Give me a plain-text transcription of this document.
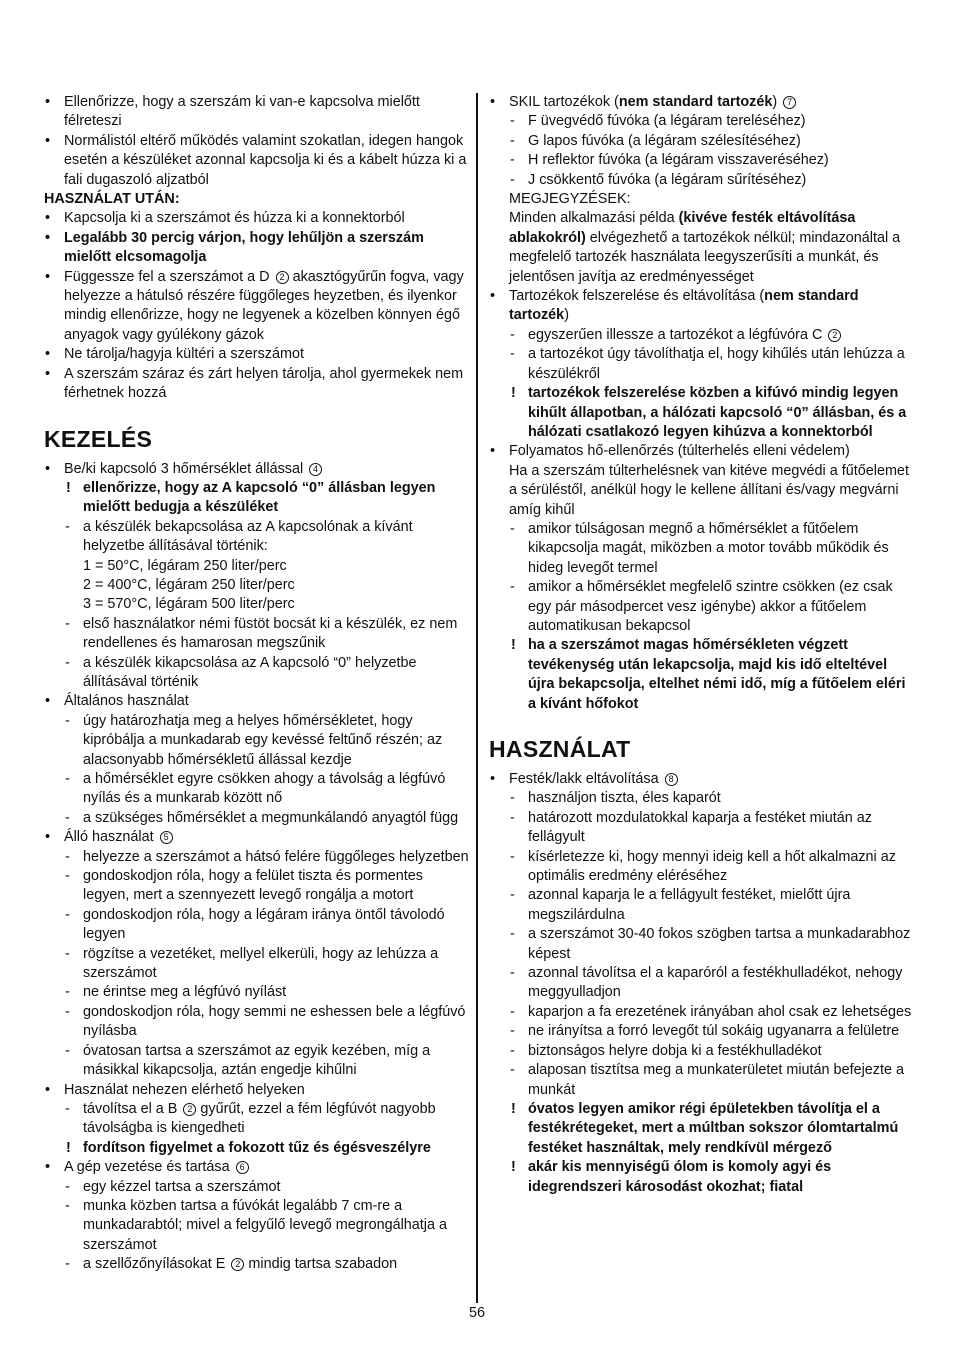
• Ellenőrizze, hogy a szerszám ki van-e kapcsolva mielőtt félreteszi
• Normálistól eltérő működés valamint szokatlan, idegen hangok esetén a készüléket azonnal kapcsolja ki és a kábelt húzza ki a fali dugaszoló aljzatból
HASZNÁLAT UTÁN:
• Kapcsolja ki a szerszámot és húzza ki a konnektorból
• Legalább 30 percig várjon, hogy lehűljön a szerszám mielőtt elcsomagolja
• Függessze fel a szerszámot a D 2 akasztógyűrűn fogva, vagy helyezze a hátulsó részére függőleges heyzetben, és ilyenkor mindig ellenőrizze, hogy ne legyenek a közelben könnyen égő anyagok vagy gyúlékony gázok
• Ne tárolja/hagyja kültéri a szerszámot
• A szerszám száraz és zárt helyen tárolja, ahol gyermekek nem férhetnek hozzá
KEZELÉS
• Be/ki kapcsoló 3 hőmérséklet állással 4
! ellenőrizze, hogy az A kapcsoló “0” állásban legyen mielőtt bedugja a készüléket
- a készülék bekapcsolása az A kapcsolónak a kívánt helyzetbe állításával történik:
1 = 50°C, légáram 250 liter/perc
2 = 400°C, légáram 250 liter/perc
3 = 570°C, légáram 500 liter/perc
- első használatkor némi füstöt bocsát ki a készülék, ez nem rendellenes és hamarosan megszűnik
- a készülék kikapcsolása az A kapcsoló “0” helyzetbe állításával történik
• Általános használat
- úgy határozhatja meg a helyes hőmérsékletet, hogy kipróbálja a munkadarab egy kevéssé feltűnő részén; az alacsonyabb hőmérsékletű állással kezdje
- a hőmérséklet egyre csökken ahogy a távolság a légfúvó nyílás és a munkarab között nő
- a szükséges hőmérséklet a megmunkálandó anyagtól függ
• Álló használat 5
- helyezze a szerszámot a hátsó felére függőleges helyzetben
- gondoskodjon róla, hogy a felület tiszta és pormentes legyen, mert a szennyezett levegő rongálja a motort
- gondoskodjon róla, hogy a légáram iránya öntől távolodó legyen
- rögzítse a vezetéket, mellyel elkerüli, hogy az lehúzza a szerszámot
- ne érintse meg a légfúvó nyílást
- gondoskodjon róla, hogy semmi ne eshessen bele a légfúvó nyílásba
- óvatosan tartsa a szerszámot az egyik kezében, míg a másikkal kikapcsolja, aztán engedje kihűlni
• Használat nehezen elérhető helyeken
- távolítsa el a B 2 gyűrűt, ezzel a fém légfúvót nagyobb távolságba is kiengedheti
! fordítson figyelmet a fokozott tűz és égésveszélyre
• A gép vezetése és tartása 6
- egy kézzel tartsa a szerszámot
- munka közben tartsa a fúvókát legalább 7 cm-re a munkadarabtól; mivel a felgyűlő levegő megrongálhatja a szerszámot
- a szellőzőnyílásokat E 2 mindig tartsa szabadon
• SKIL tartozékok (nem standard tartozék) 7
- F üvegvédő fúvóka (a légáram tereléséhez)
- G lapos fúvóka (a légáram szélesítéséhez)
- H reflektor fúvóka (a légáram visszaveréséhez)
- J csökkentő fúvóka (a légáram sűrítéséhez)
MEGJEGYZÉSEK:
Minden alkalmazási példa (kivéve festék eltávolítása ablakokról) elvégezhető a tartozékok nélkül; mindazonáltal a megfelelő tartozék használata leegyszerűsíti a munkát, és jelentősen javítja az eredményességet
• Tartozékok felszerelése és eltávolítása (nem standard tartozék)
- egyszerűen illessze a tartozékot a légfúvóra C 2
- a tartozékot úgy távolíthatja el, hogy kihűlés után lehúzza a készülékről
! tartozékok felszerelése közben a kifúvó mindig legyen kihűlt állapotban, a hálózati kapcsoló “0” állásban, és a hálózati csatlakozó legyen kihúzva a konnektorból
• Folyamatos hő-ellenőrzés (túlterhelés elleni védelem)
Ha a szerszám túlterhelésnek van kitéve megvédi a fűtőelemet a sérüléstől, anélkül hogy le kellene állítani és/vagy megvárni amíg kihűl
- amikor túlságosan megnő a hőmérséklet a fűtőelem kikapcsolja magát, miközben a motor tovább működik és hideg levegőt termel
- amikor a hőmérséklet megfelelő szintre csökken (ez csak egy pár másodpercet vesz igénybe) akkor a fűtőelem automatikusan bekapcsol
! ha a szerszámot magas hőmérsékleten végzett tevékenység után lekapcsolja, majd kis idő elteltével újra bekapcsolja, eltelhet némi idő, míg a fűtőelem eléri a kívánt hőfokot
HASZNÁLAT
• Festék/lakk eltávolítása 8
- használjon tiszta, éles kaparót
- határozott mozdulatokkal kaparja a festéket miután az fellágyult
- kísérletezze ki, hogy mennyi ideig kell a hőt alkalmazni az optimális eredmény eléréséhez
- azonnal kaparja le a fellágyult festéket, mielőtt újra megszilárdulna
- a szerszámot 30-40 fokos szögben tartsa a munkadarabhoz képest
- azonnal távolítsa el a kaparóról a festékhulladékot, nehogy meggyulladjon
- kaparjon a fa erezetének irányában ahol csak ez lehetséges
- ne irányítsa a forró levegőt túl sokáig ugyanarra a felületre
- biztonságos helyre dobja ki a festékhulladékot
- alaposan tisztítsa meg a munkaterületet miután befejezte a munkát
! óvatos legyen amikor régi épületekben távolítja el a festékrétegeket, mert a múltban sokszor ólomtartalmú festéket használtak, mely rendkívül mérgező
! akár kis mennyiségű ólom is komoly agyi és idegrendszeri károsodást okozhat; fiatal
56
